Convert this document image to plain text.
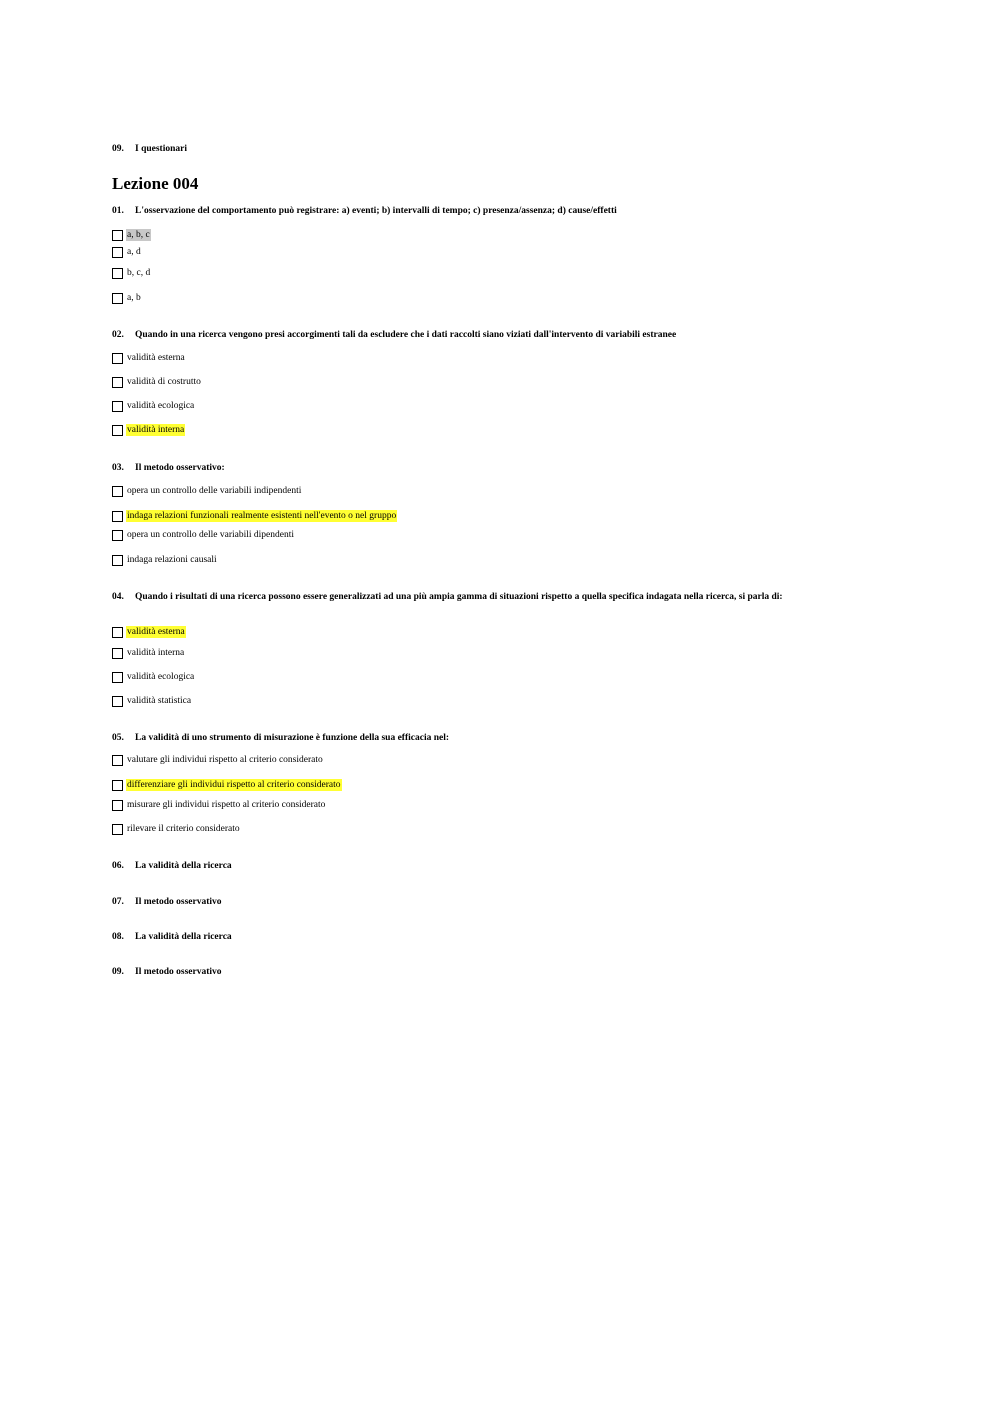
09. I questionari
Lezione 004
01. L'osservazione del comportamento può registrare: a) eventi; b) intervalli di tempo; c) presenza/assenza; d) cause/effetti
a, b, c
a, d
b, c, d
a, b
02. Quando in una ricerca vengono presi accorgimenti tali da escludere che i dati raccolti siano viziati dall'intervento di variabili estranee
validità esterna
validità di costrutto
validità ecologica
validità interna
03. Il metodo osservativo:
opera un controllo delle variabili indipendenti
indaga relazioni funzionali realmente esistenti nell'evento o nel gruppo
opera un controllo delle variabili dipendenti
indaga relazioni causali
04. Quando i risultati di una ricerca possono essere generalizzati ad una più ampia gamma di situazioni rispetto a quella specifica indagata nella ricerca, si parla di:
validità esterna
validità interna
validità ecologica
validità statistica
05. La validità di uno strumento di misurazione è funzione della sua efficacia nel:
valutare gli individui rispetto al criterio considerato
differenziare gli individui rispetto al criterio considerato
misurare gli individui rispetto al criterio considerato
rilevare il criterio considerato
06. La validità della ricerca
07. Il metodo osservativo
08. La validità della ricerca
09. Il metodo osservativo
